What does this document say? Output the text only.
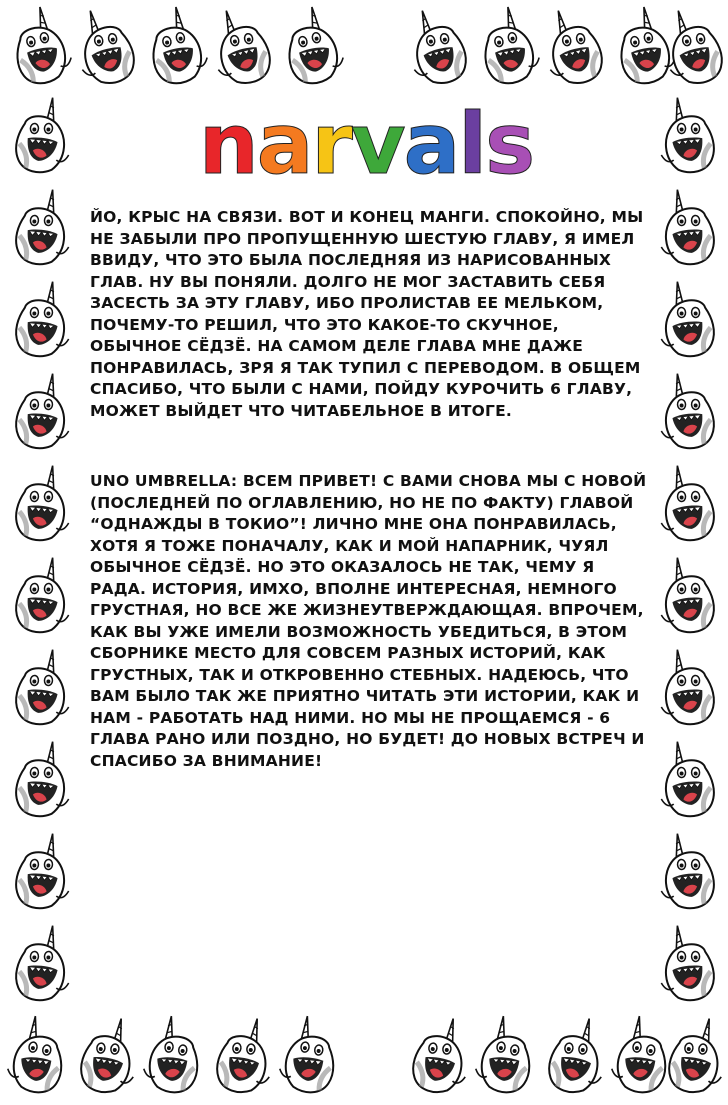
n a r v a l s
ЙО, КРЫС НА СВЯЗИ. ВОТ И КОНЕЦ МАНГИ. СПОКОЙНО, МЫ НЕ ЗАБЫЛИ ПРО ПРОПУЩЕННУЮ ШЕСТУЮ ГЛАВУ, Я ИМЕЛ ВВИДУ, ЧТО ЭТО БЫЛА ПОСЛЕДНЯЯ ИЗ НАРИСОВАННЫХ ГЛАВ. НУ ВЫ ПОНЯЛИ. ДОЛГО НЕ МОГ ЗАСТАВИТЬ СЕБЯ ЗАСЕСТЬ ЗА ЭТУ ГЛАВУ, ИБО ПРОЛИСТАВ ЕЕ МЕЛЬКОМ, ПОЧЕМУ-ТО РЕШИЛ, ЧТО ЭТО КАКОЕ-ТО СКУЧНОЕ, ОБЫЧНОЕ СЁДЗЁ. НА САМОМ ДЕЛЕ ГЛАВА МНЕ ДАЖЕ ПОНРАВИЛАСЬ, ЗРЯ Я ТАК ТУПИЛ С ПЕРЕВОДОМ. В ОБЩЕМ СПАСИБО, ЧТО БЫЛИ С НАМИ, ПОЙДУ КУРОЧИТЬ 6 ГЛАВУ, МОЖЕТ ВЫЙДЕТ ЧТО ЧИТАБЕЛЬНОЕ В ИТОГЕ.
UNO UMBRELLA: ВСЕМ ПРИВЕТ! С ВАМИ СНОВА МЫ С НОВОЙ (ПОСЛЕДНЕЙ ПО ОГЛАВЛЕНИЮ, НО НЕ ПО ФАКТУ) ГЛАВОЙ “ОДНАЖДЫ В ТОКИО”! ЛИЧНО МНЕ ОНА ПОНРАВИЛАСЬ, ХОТЯ Я ТОЖЕ ПОНАЧАЛУ, КАК И МОЙ НАПАРНИК, ЧУЯЛ ОБЫЧНОЕ СЁДЗЁ. НО ЭТО ОКАЗАЛОСЬ НЕ ТАК, ЧЕМУ Я РАДА. ИСТОРИЯ, ИМХО, ВПОЛНЕ ИНТЕРЕСНАЯ, НЕМНОГО ГРУСТНАЯ, НО ВСЕ ЖЕ ЖИЗНЕУТВЕРЖДАЮЩАЯ. ВПРОЧЕМ, КАК ВЫ УЖЕ ИМЕЛИ ВОЗМОЖНОСТЬ УБЕДИТЬСЯ, В ЭТОМ СБОРНИКЕ МЕСТО ДЛЯ СОВСЕМ РАЗНЫХ ИСТОРИЙ, КАК ГРУСТНЫХ, ТАК И ОТКРОВЕННО СТЕБНЫХ. НАДЕЮСЬ, ЧТО ВАМ БЫЛО ТАК ЖЕ ПРИЯТНО ЧИТАТЬ ЭТИ ИСТОРИИ, КАК И НАМ - РАБОТАТЬ НАД НИМИ. НО МЫ НЕ ПРОЩАЕМСЯ - 6 ГЛАВА РАНО ИЛИ ПОЗДНО, НО БУДЕТ! ДО НОВЫХ ВСТРЕЧ И СПАСИБО ЗА ВНИМАНИЕ!
